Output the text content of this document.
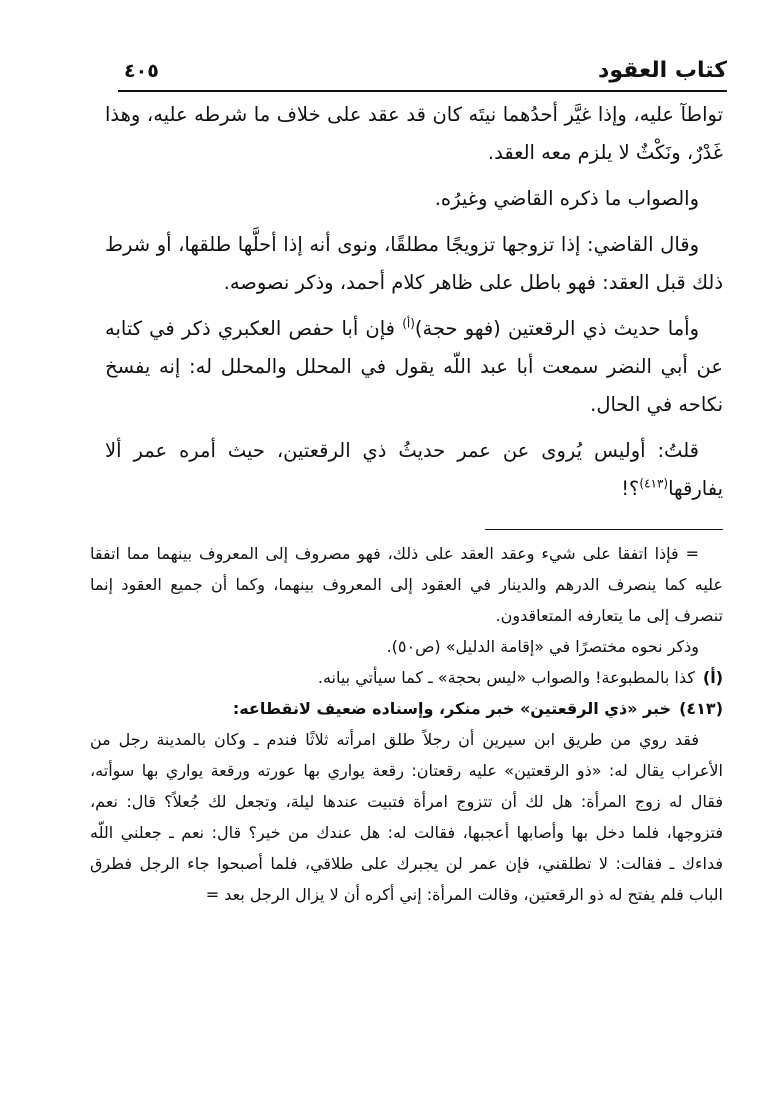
كتاب العقود
٤٠٥

تواطآ عليه، وإذا غيَّر أحدُهما نيتَه كان قد عقد على خلاف ما شرطه عليه، وهذا غَدْرٌ، ونَكْثٌ لا يلزم معه العقد.

والصواب ما ذكره القاضي وغيرُه.

وقال القاضي: إذا تزوجها تزويجًا مطلقًا، ونوى أنه إذا أحلَّها طلقها، أو شرط ذلك قبل العقد: فهو باطل على ظاهر كلام أحمد، وذكر نصوصه.

وأما حديث ذي الرقعتين (فهو حجة)$^{(أ)}$ فإن أبا حفص العكبري ذكر في كتابه عن أبي النضر سمعت أبا عبد اللّه يقول في المحلل والمحلل له: إنه يفسخ نكاحه في الحال.

قلتُ: أوليس يُروى عن عمر حديثُ ذي الرقعتين، حيث أمره عمر ألا يفارقها$^{(٤١٣)}$؟!

= فإذا اتفقا على شيء وعقد العقد على ذلك، فهو مصروف إلى المعروف بينهما مما اتفقا عليه كما ينصرف الدرهم والدينار في العقود إلى المعروف بينهما، وكما أن جميع العقود إنما تنصرف إلى ما يتعارفه المتعاقدون.

وذكر نحوه مختصرًا في «إقامة الدليل» (ص٥٠).

(أ)كذا بالمطبوعة! والصواب «ليس بحجة» ـ كما سيأتي بيانه.

(٤١٣)خبر «ذي الرقعتين» خبر منكر، وإسناده ضعيف لانقطاعه:

فقد روي من طريق ابن سيرين أن رجلاً طلق امرأته ثلاثًا فندم ـ وكان بالمدينة رجل من الأعراب يقال له: «ذو الرقعتين» عليه رقعتان: رقعة يواري بها عورته ورقعة يواري بها سوأته، فقال له زوج المرأة: هل لك أن تتزوج امرأة فتبيت عندها ليلة، وتجعل لك جُعلاً؟ قال: نعم، فتزوجها، فلما دخل بها وأصابها أعجبها، فقالت له: هل عندك من خير؟ قال: نعم ـ جعلني اللّه فداءك ـ فقالت: لا تطلقني، فإن عمر لن يجبرك على طلاقي، فلما أصبحوا جاء الرجل فطرق الباب فلم يفتح له ذو الرقعتين، وقالت المرأة: إني أكره أن لا يزال الرجل بعد =
